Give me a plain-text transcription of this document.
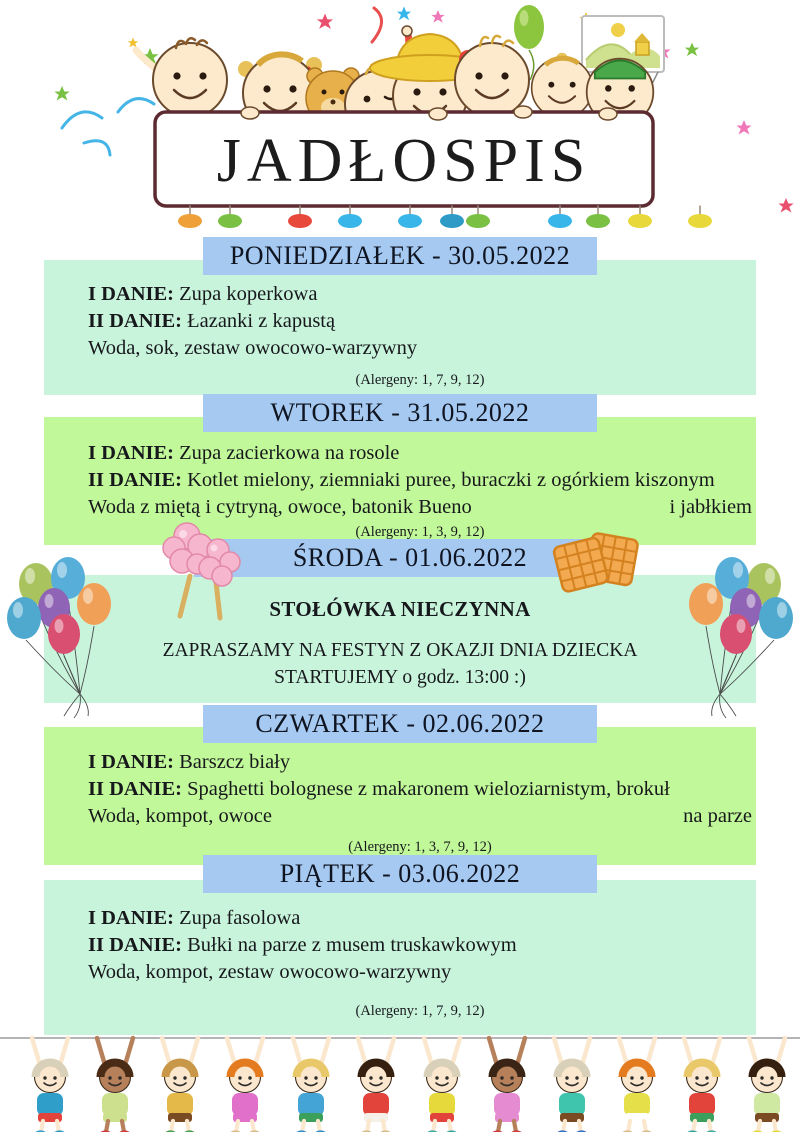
JADŁOSPIS
PONIEDZIAŁEK - 30.05.2022
I DANIE: Zupa koperkowa
II DANIE: Łazanki z kapustą
Woda, sok, zestaw owocowo-warzywny
(Alergeny: 1, 7, 9, 12)
WTOREK - 31.05.2022
I DANIE: Zupa zacierkowa na rosole
II DANIE: Kotlet mielony, ziemniaki puree, buraczki z ogórkiem kiszonym
Woda z miętą i cytryną, owoce, batonik Bueno	i jabłkiem
(Alergeny: 1, 3, 9, 12)
ŚRODA - 01.06.2022
STOŁÓWKA NIECZYNNA
ZAPRASZAMY NA FESTYN Z OKAZJI DNIA DZIECKA
STARTUJEMY o godz. 13:00 :)
CZWARTEK - 02.06.2022
I DANIE: Barszcz biały
II DANIE: Spaghetti bolognese z makaronem wieloziarnistym, brokuł
Woda, kompot, owoce	na parze
(Alergeny: 1, 3, 7, 9, 12)
PIĄTEK - 03.06.2022
I DANIE: Zupa fasolowa
II DANIE: Bułki na parze z musem truskawkowym
Woda, kompot, zestaw owocowo-warzywny
(Alergeny: 1, 7, 9, 12)
